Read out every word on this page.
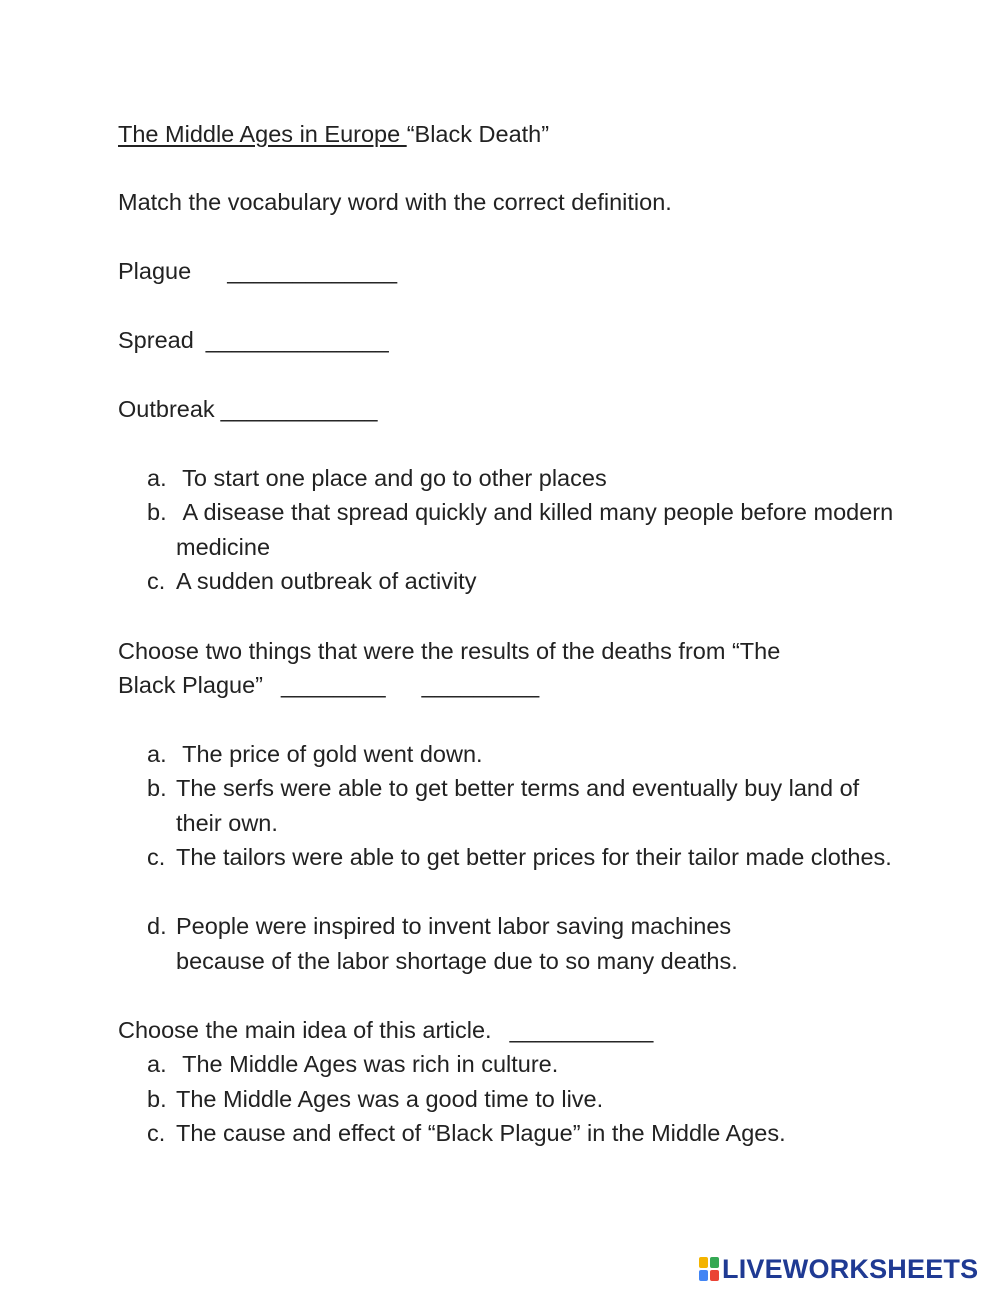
The Middle Ages in Europe “Black Death”
Match the vocabulary word with the correct definition.
Plague _____________
Spread ______________
Outbreak ____________
a. To start one place and go to other places
b. A disease that spread quickly and killed many people before modern medicine
c. A sudden outbreak of activity
Choose two things that were the results of the deaths from “The
Black Plague” ________ _________
a. The price of gold went down.
b. The serfs were able to get better terms and eventually buy land of their own.
c. The tailors were able to get better prices for their tailor made clothes.
d. People were inspired to invent labor saving machines because of the labor shortage due to so many deaths.
Choose the main idea of this article. ___________
a. The Middle Ages was rich in culture.
b. The Middle Ages was a good time to live.
c. The cause and effect of “Black Plague” in the Middle Ages.
LIVEWORKSHEETS
